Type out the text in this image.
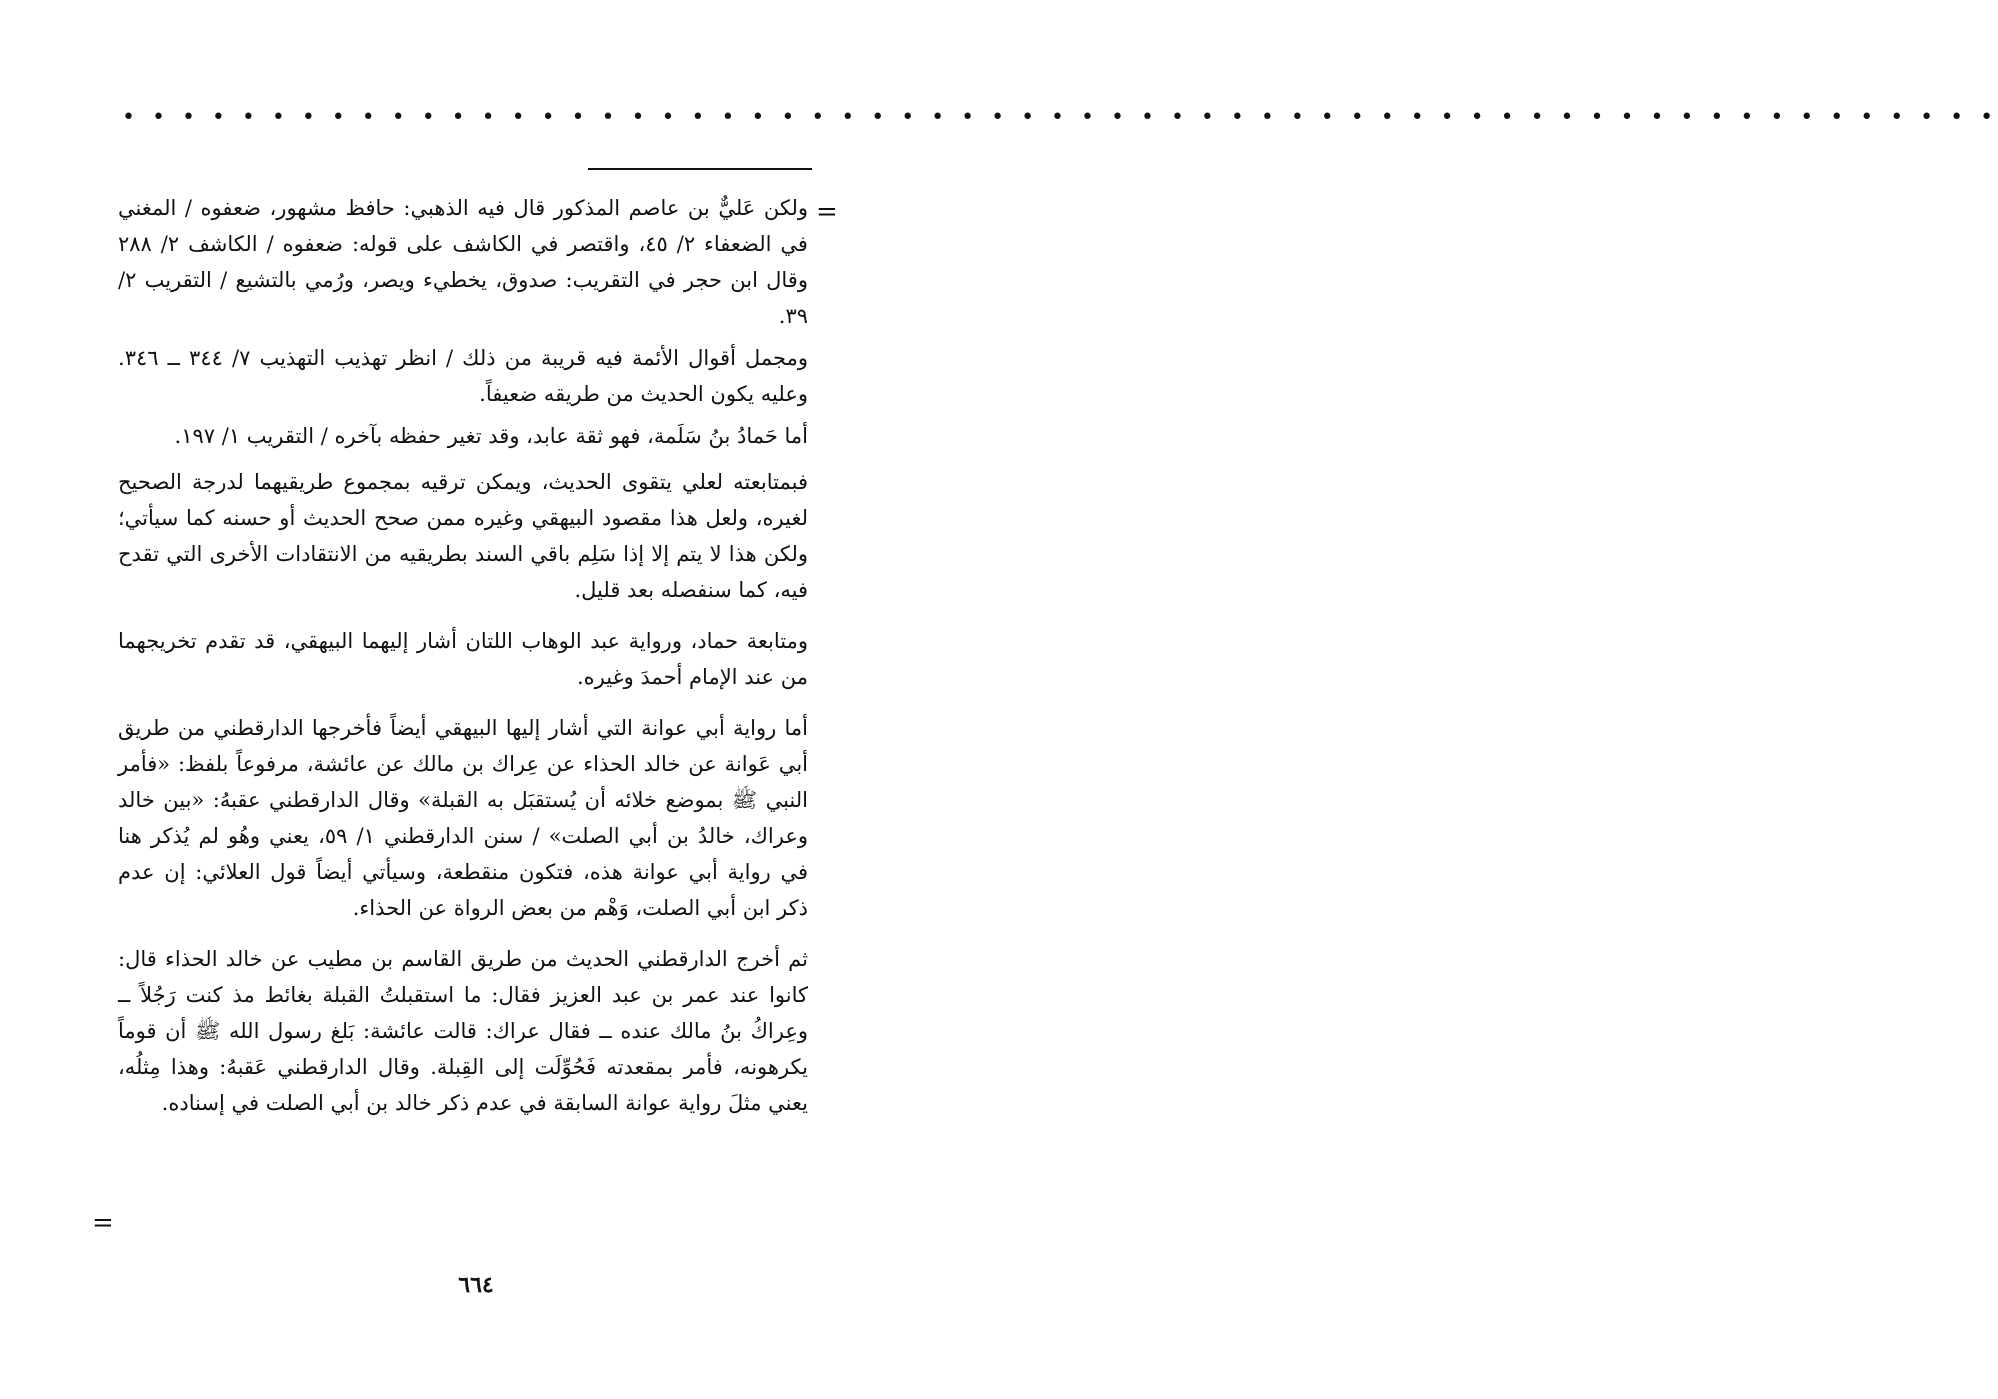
• • • • • • • • • • • • • • • • • • • • • • • • • • • • • • • • • • • • • • • • • • • • • • • • • • • • • • • • • • • • • • •
=

ولكن عَليٌّ بن عاصم المذكور قال فيه الذهبي: حافظ مشهور، ضعفوه / المغني في الضعفاء ٢/ ٤٥، واقتصر في الكاشف على قوله: ضعفوه / الكاشف ٢/ ٢٨٨ وقال ابن حجر في التقريب: صدوق، يخطيء ويصر، ورُمي بالتشيع / التقريب ٢/ ٣٩.

ومجمل أقوال الأئمة فيه قريبة من ذلك / انظر تهذيب التهذيب ٧/ ٣٤٤ ــ ٣٤٦. وعليه يكون الحديث من طريقه ضعيفاً.

أما حَمادُ بنُ سَلَمة، فهو ثقة عابد، وقد تغير حفظه بآخره / التقريب ١/ ١٩٧.

فبمتابعته لعلي يتقوى الحديث، ويمكن ترقيه بمجموع طريقيهما لدرجة الصحيح لغيره، ولعل هذا مقصود البيهقي وغيره ممن صحح الحديث أو حسنه كما سيأتي؛ ولكن هذا لا يتم إلا إذا سَلِم باقي السند بطريقيه من الانتقادات الأخرى التي تقدح فيه، كما سنفصله بعد قليل.

ومتابعة حماد، ورواية عبد الوهاب اللتان أشار إليهما البيهقي، قد تقدم تخريجهما من عند الإمام أحمدَ وغيره.

أما رواية أبي عوانة التي أشار إليها البيهقي أيضاً فأخرجها الدارقطني من طريق أبي عَوانة عن خالد الحذاء عن عِراك بن مالك عن عائشة، مرفوعاً بلفظ: «فأمر النبي ﷺ بموضع خلائه أن يُستقبَل به القبلة» وقال الدارقطني عقبهُ: «بين خالد وعراك، خالدُ بن أبي الصلت» / سنن الدارقطني ١/ ٥٩، يعني وهُو لم يُذكر هنا في رواية أبي عوانة هذه، فتكون منقطعة، وسيأتي أيضاً قول العلائي: إن عدم ذكر ابن أبي الصلت، وَهْم من بعض الرواة عن الحذاء.

ثم أخرج الدارقطني الحديث من طريق القاسم بن مطيب عن خالد الحذاء قال: كانوا عند عمر بن عبد العزيز فقال: ما استقبلتُ القبلة بغائط مذ كنت رَجُلاً ــ وعِراكُ بنُ مالك عنده ــ فقال عراك: قالت عائشة: بَلغ رسول الله ﷺ أن قوماً يكرهونه، فأمر بمقعدته فَحُوِّلَت إلى القِبلة. وقال الدارقطني عَقبهُ: وهذا مِثلُه، يعني مثلَ رواية عوانة السابقة في عدم ذكر خالد بن أبي الصلت في إسناده.

=
٦٦٤
